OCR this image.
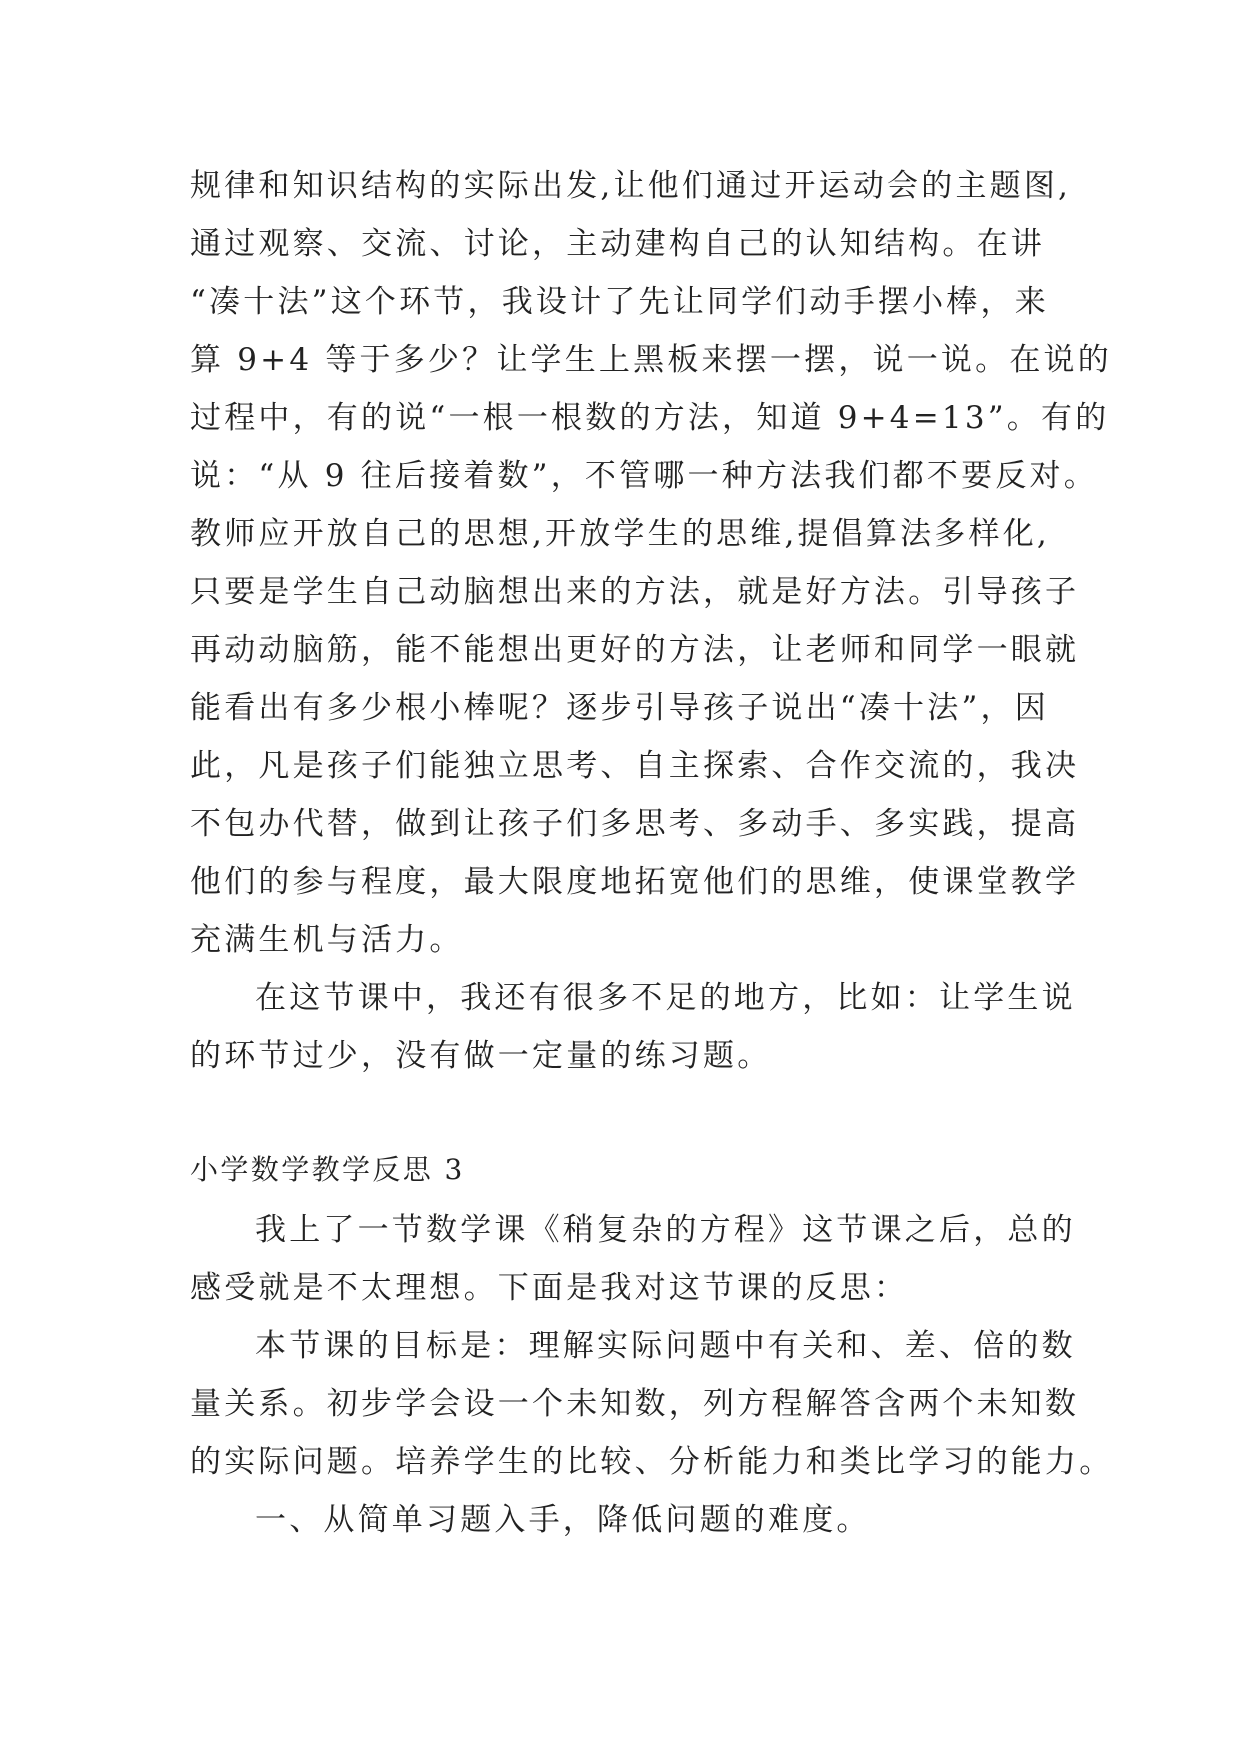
规律和知识结构的实际出发,让他们通过开运动会的主题图,
通过观察、交流、讨论，主动建构自己的认知结构。在讲
“凑十法”这个环节，我设计了先让同学们动手摆小棒，来
算 9+4 等于多少？让学生上黑板来摆一摆，说一说。在说的
过程中，有的说“一根一根数的方法，知道 9+4=13”。有的
说：“从 9 往后接着数”，不管哪一种方法我们都不要反对。
教师应开放自己的思想,开放学生的思维,提倡算法多样化,
只要是学生自己动脑想出来的方法，就是好方法。引导孩子
再动动脑筋，能不能想出更好的方法，让老师和同学一眼就
能看出有多少根小棒呢？逐步引导孩子说出“凑十法”，因
此，凡是孩子们能独立思考、自主探索、合作交流的，我决
不包办代替，做到让孩子们多思考、多动手、多实践，提高
他们的参与程度，最大限度地拓宽他们的思维，使课堂教学
充满生机与活力。
在这节课中，我还有很多不足的地方，比如：让学生说
的环节过少，没有做一定量的练习题。
小学数学教学反思 3
我上了一节数学课《稍复杂的方程》这节课之后，总的
感受就是不太理想。下面是我对这节课的反思：
本节课的目标是：理解实际问题中有关和、差、倍的数
量关系。初步学会设一个未知数，列方程解答含两个未知数
的实际问题。培养学生的比较、分析能力和类比学习的能力。
一、从简单习题入手，降低问题的难度。
